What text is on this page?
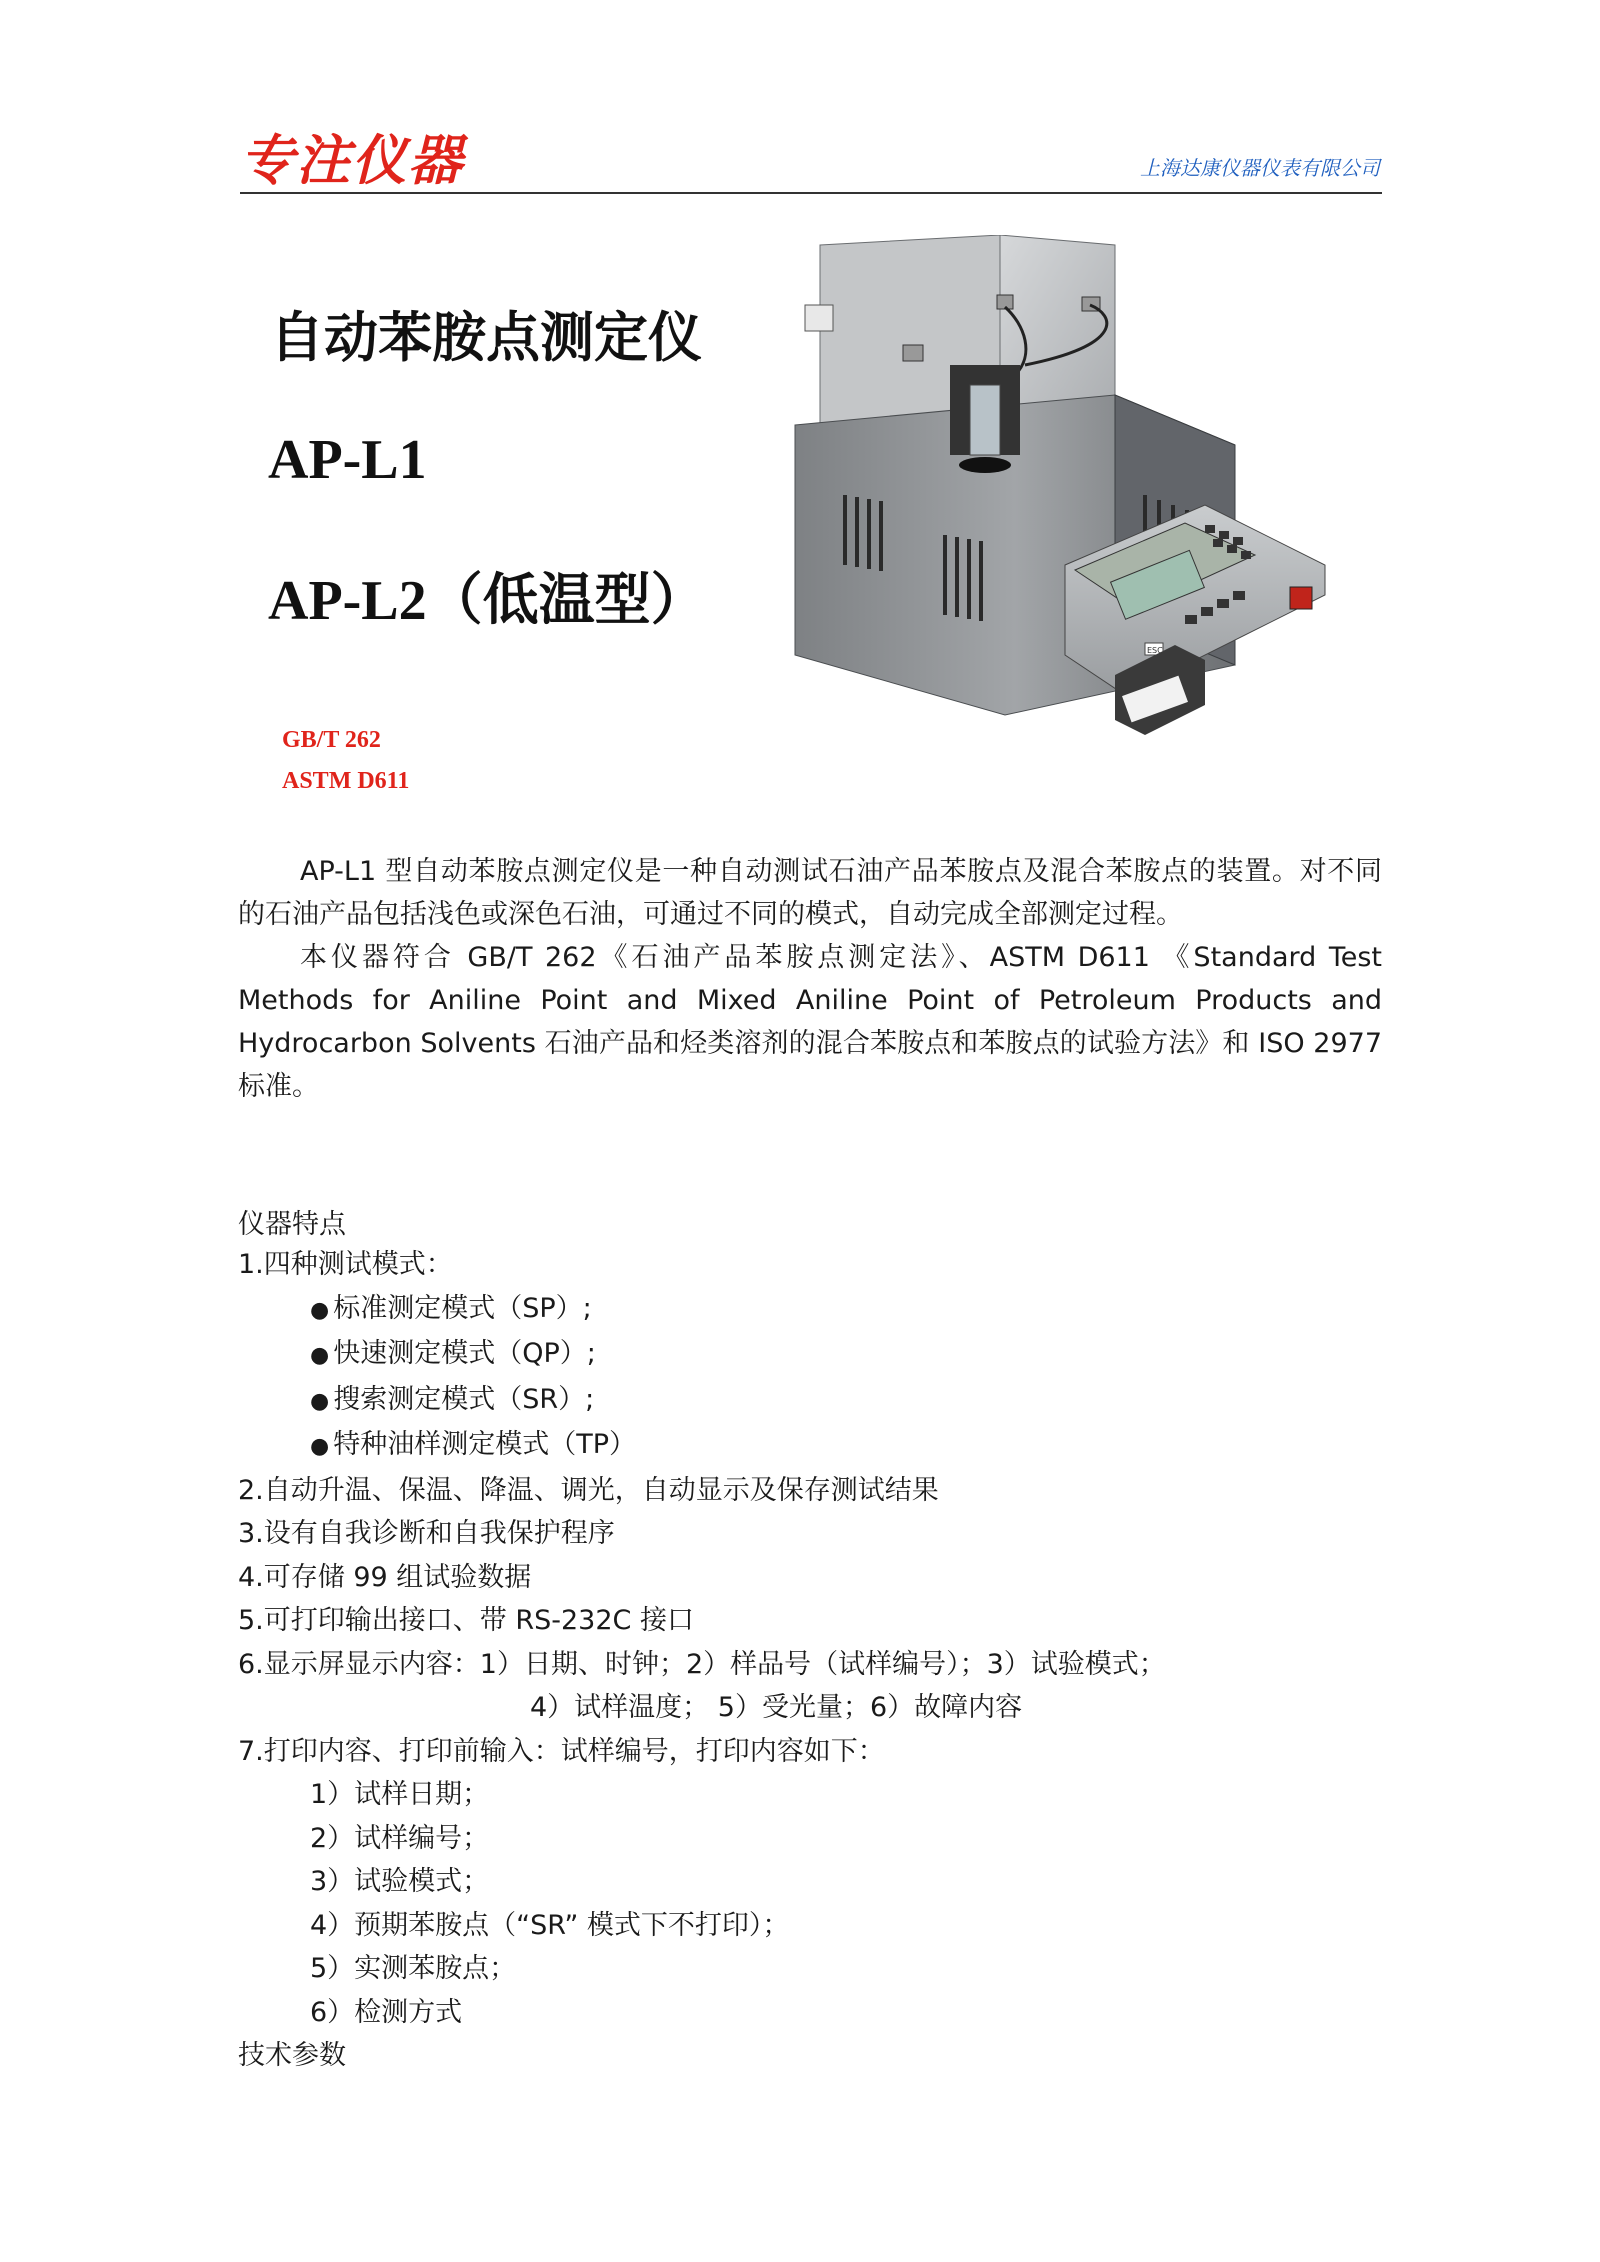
专注仪器	上海达康仪器仪表有限公司
自动苯胺点测定仪
AP-L1
AP-L2（低温型）
GB/T 262
ASTM D611
ESC

AP-L1 型自动苯胺点测定仪是一种自动测试石油产品苯胺点及混合苯胺点的装置。对不同的石油产品包括浅色或深色石油，可通过不同的模式，自动完成全部测定过程。

本仪器符合 GB/T 262《石油产品苯胺点测定法》、ASTM D611 《Standard Test Methods for Aniline Point and Mixed Aniline Point of Petroleum Products and Hydrocarbon Solvents 石油产品和烃类溶剂的混合苯胺点和苯胺点的试验方法》和 ISO 2977 标准。

仪器特点
1.四种测试模式：
● 标准测定模式（SP）;
● 快速测定模式（QP）;
● 搜索测定模式（SR）;
● 特种油样测定模式（TP）
2.自动升温、保温、降温、调光，自动显示及保存测试结果
3.设有自我诊断和自我保护程序
4.可存储 99 组试验数据
5.可打印输出接口、带 RS-232C 接口
6.显示屏显示内容：1）日期、时钟；2）样品号（试样编号）；3）试验模式；
4）试样温度； 5）受光量；6）故障内容
7.打印内容、打印前输入：试样编号，打印内容如下：
1）试样日期；
2）试样编号；
3）试验模式；
4）预期苯胺点（“SR” 模式下不打印）；
5）实测苯胺点；
6）检测方式
技术参数
